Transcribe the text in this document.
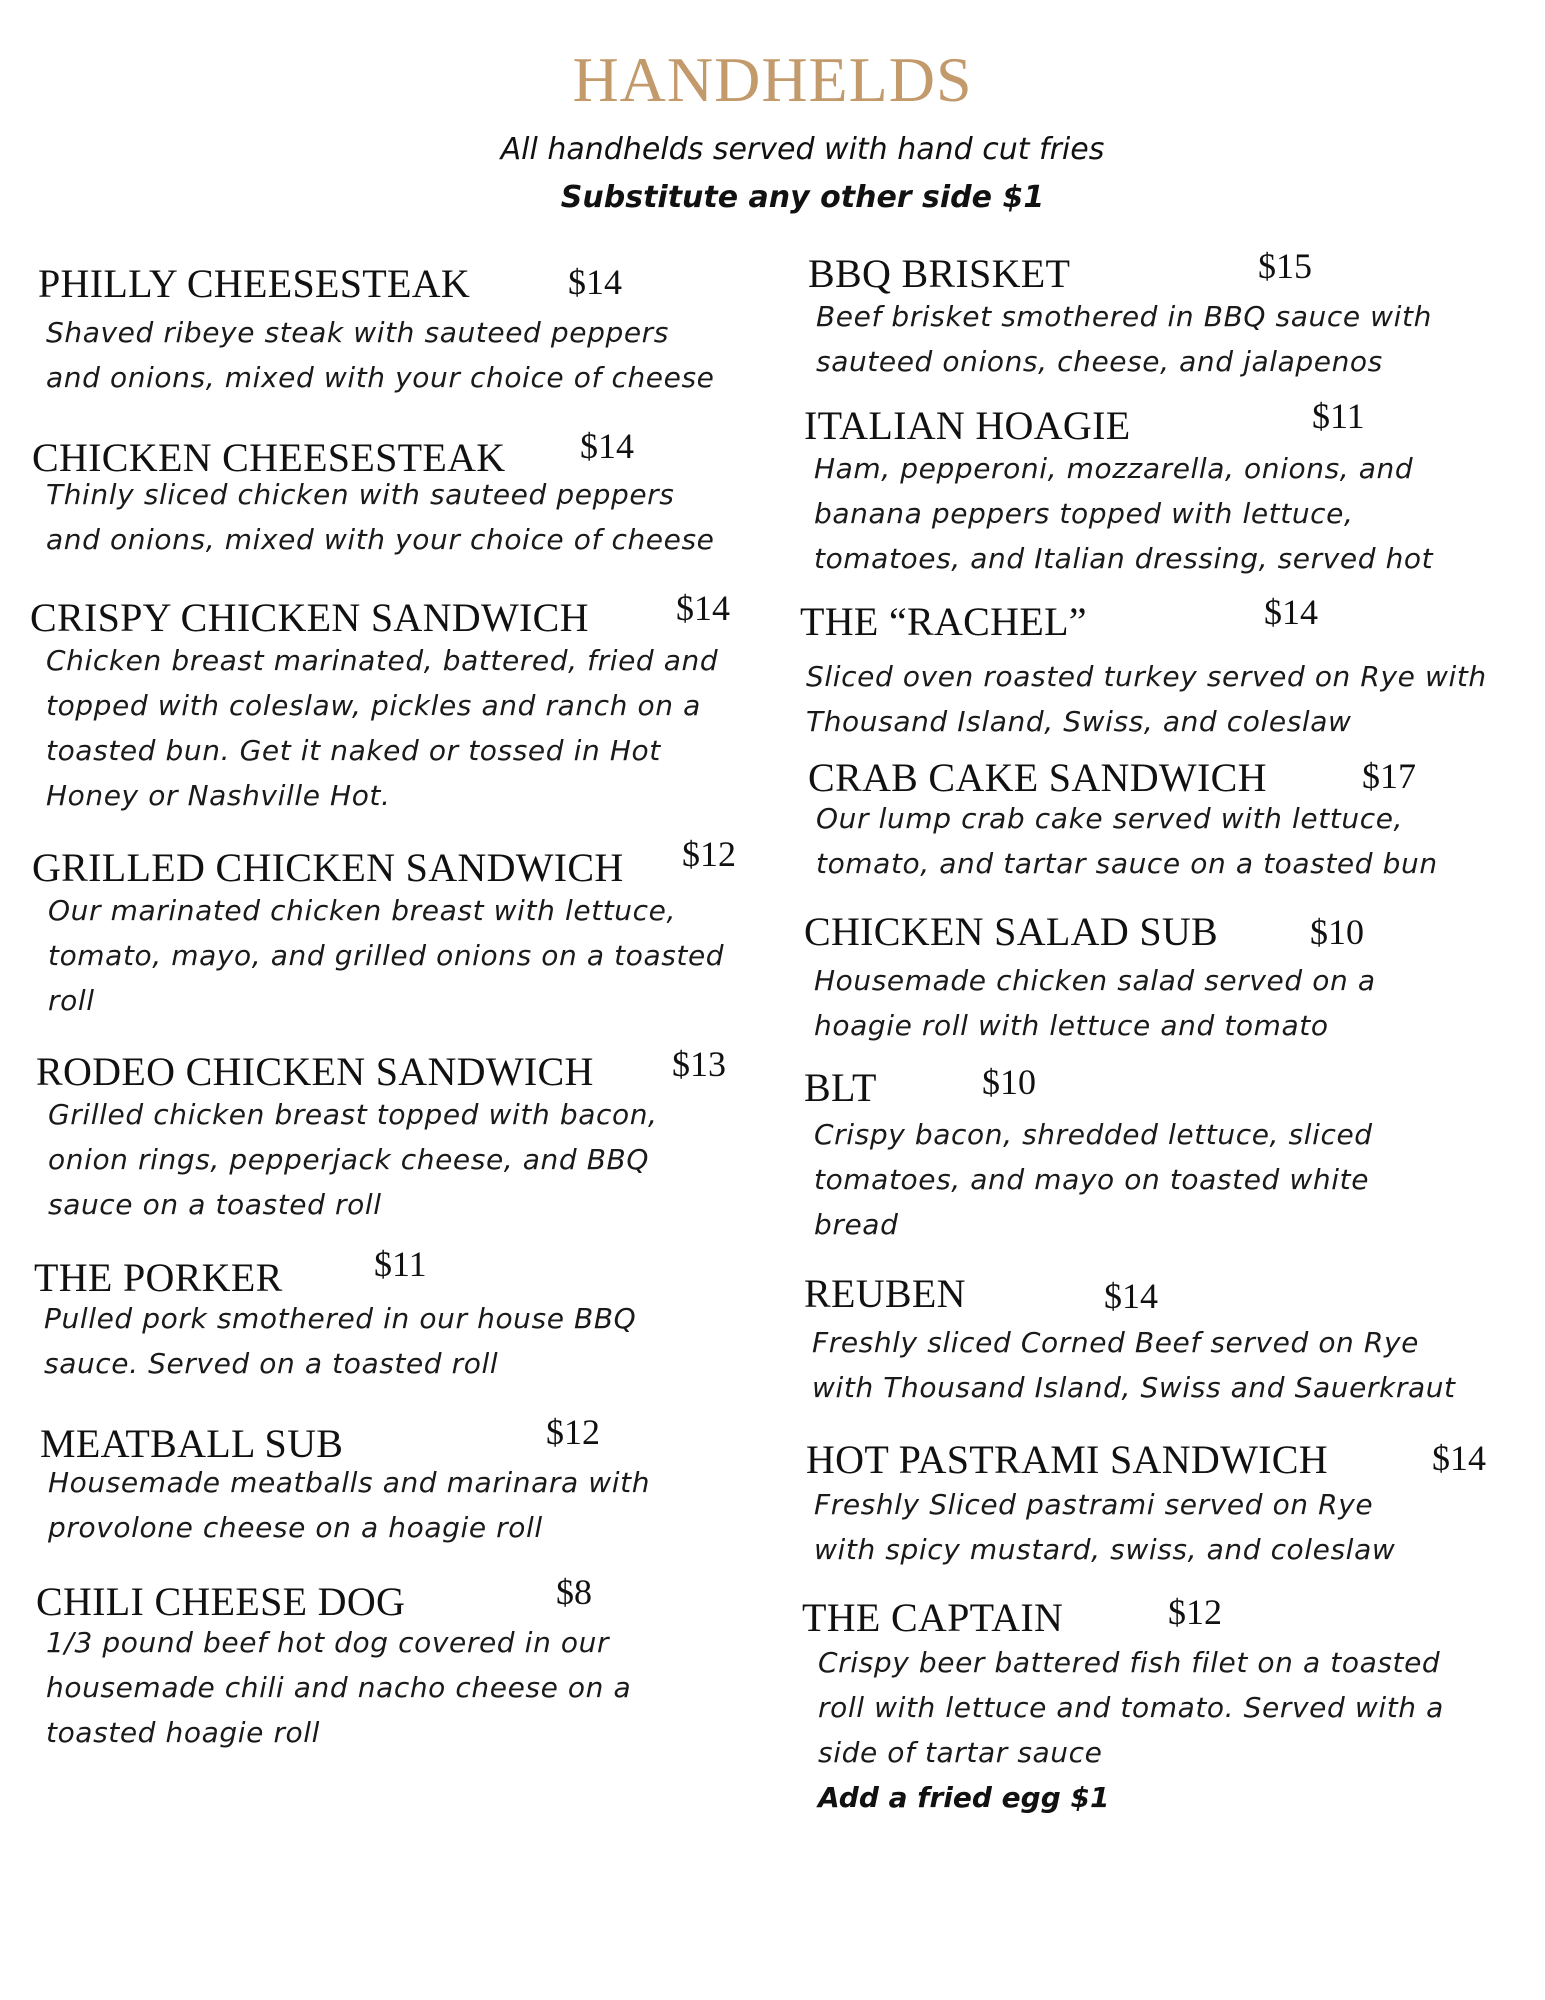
HANDHELDS
All handhelds served with hand cut fries
Substitute any other side $1
PHILLY CHEESESTEAK	$14
Shaved ribeye steak with sauteed peppers
and onions, mixed with your choice of cheese
CHICKEN CHEESESTEAK $14
Thinly sliced chicken with sauteed peppers
and onions, mixed with your choice of cheese
CRISPY CHICKEN SANDWICH $14
Chicken breast marinated, battered, fried and
topped with coleslaw, pickles and ranch on a
toasted bun. Get it naked or tossed in Hot
Honey or Nashville Hot.
GRILLED CHICKEN SANDWICH $12
Our marinated chicken breast with lettuce,
tomato, mayo, and grilled onions on a toasted
roll
RODEO CHICKEN SANDWICH $13
Grilled chicken breast topped with bacon,
onion rings, pepperjack cheese, and BBQ
sauce on a toasted roll
THE PORKER	$11
Pulled pork smothered in our house BBQ
sauce. Served on a toasted roll
MEATBALL SUB	$12
Housemade meatballs and marinara with
provolone cheese on a hoagie roll
CHILI CHEESE DOG	$8
1/3 pound beef hot dog covered in our
housemade chili and nacho cheese on a
toasted hoagie roll
BBQ BRISKET	$15
Beef brisket smothered in BBQ sauce with
sauteed onions, cheese, and jalapenos
ITALIAN HOAGIE	$11
Ham, pepperoni, mozzarella, onions, and
banana peppers topped with lettuce,
tomatoes, and Italian dressing, served hot
THE “RACHEL”	$14
Sliced oven roasted turkey served on Rye with
Thousand Island, Swiss, and coleslaw
CRAB CAKE SANDWICH	$17
Our lump crab cake served with lettuce,
tomato, and tartar sauce on a toasted bun
CHICKEN SALAD SUB	$10
Housemade chicken salad served on a
hoagie roll with lettuce and tomato
BLT	$10
Crispy bacon, shredded lettuce, sliced
tomatoes, and mayo on toasted white
bread
REUBEN	$14
Freshly sliced Corned Beef served on Rye
with Thousand Island, Swiss and Sauerkraut
HOT PASTRAMI SANDWICH	$14
Freshly Sliced pastrami served on Rye
with spicy mustard, swiss, and coleslaw
THE CAPTAIN	$12
Crispy beer battered fish filet on a toasted
roll with lettuce and tomato. Served with a
side of tartar sauce
Add a fried egg $1
